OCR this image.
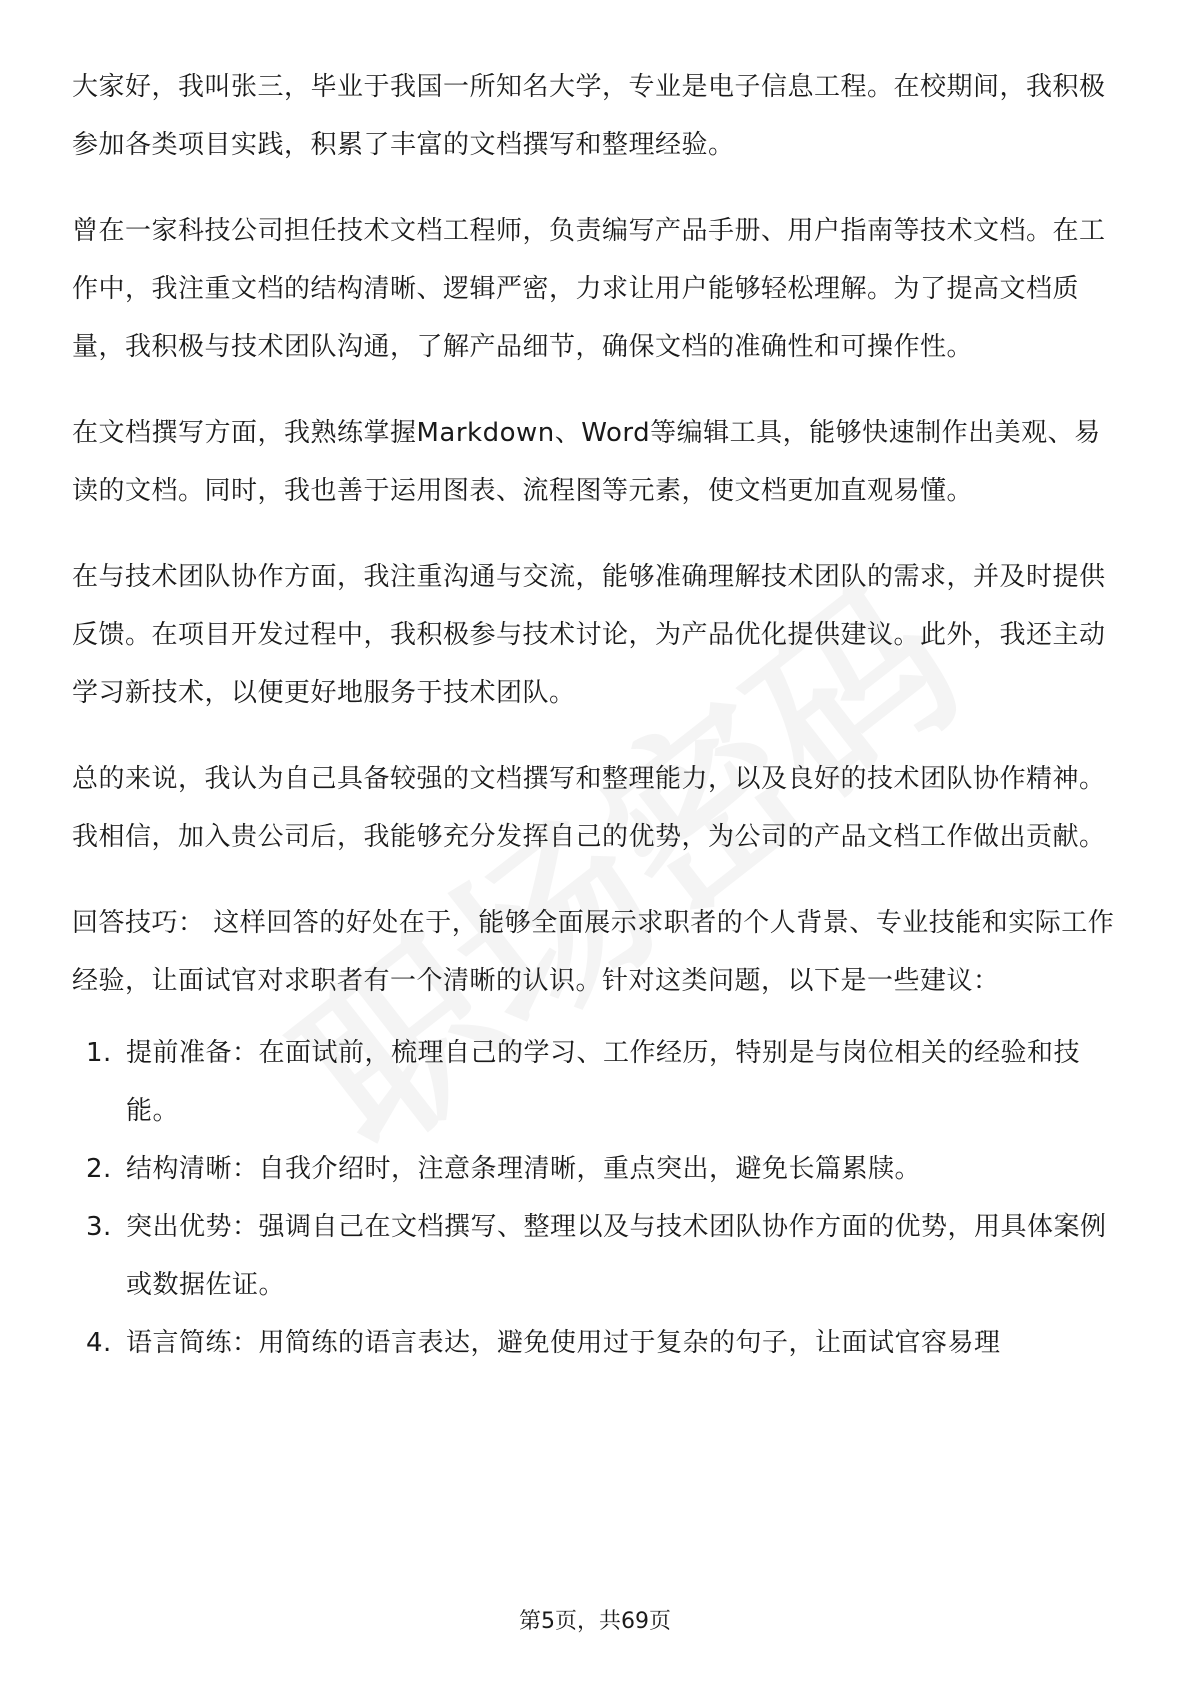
大家好，我叫张三，毕业于我国一所知名大学，专业是电子信息工程。在校期间，我积极参加各类项目实践，积累了丰富的文档撰写和整理经验。

曾在一家科技公司担任技术文档工程师，负责编写产品手册、用户指南等技术文档。在工作中，我注重文档的结构清晰、逻辑严密，力求让用户能够轻松理解。为了提高文档质量，我积极与技术团队沟通，了解产品细节，确保文档的准确性和可操作性。

在文档撰写方面，我熟练掌握Markdown、Word等编辑工具，能够快速制作出美观、易读的文档。同时，我也善于运用图表、流程图等元素，使文档更加直观易懂。

在与技术团队协作方面，我注重沟通与交流，能够准确理解技术团队的需求，并及时提供反馈。在项目开发过程中，我积极参与技术讨论，为产品优化提供建议。此外，我还主动学习新技术，以便更好地服务于技术团队。

总的来说，我认为自己具备较强的文档撰写和整理能力，以及良好的技术团队协作精神。我相信，加入贵公司后，我能够充分发挥自己的优势，为公司的产品文档工作做出贡献。

回答技巧： 这样回答的好处在于，能够全面展示求职者的个人背景、专业技能和实际工作经验，让面试官对求职者有一个清晰的认识。针对这类问题，以下是一些建议：

1. 提前准备：在面试前，梳理自己的学习、工作经历，特别是与岗位相关的经验和技能。
2. 结构清晰：自我介绍时，注意条理清晰，重点突出，避免长篇累牍。
3. 突出优势：强调自己在文档撰写、整理以及与技术团队协作方面的优势，用具体案例或数据佐证。
4. 语言简练：用简练的语言表达，避免使用过于复杂的句子，让面试官容易理
第5页，共69页
